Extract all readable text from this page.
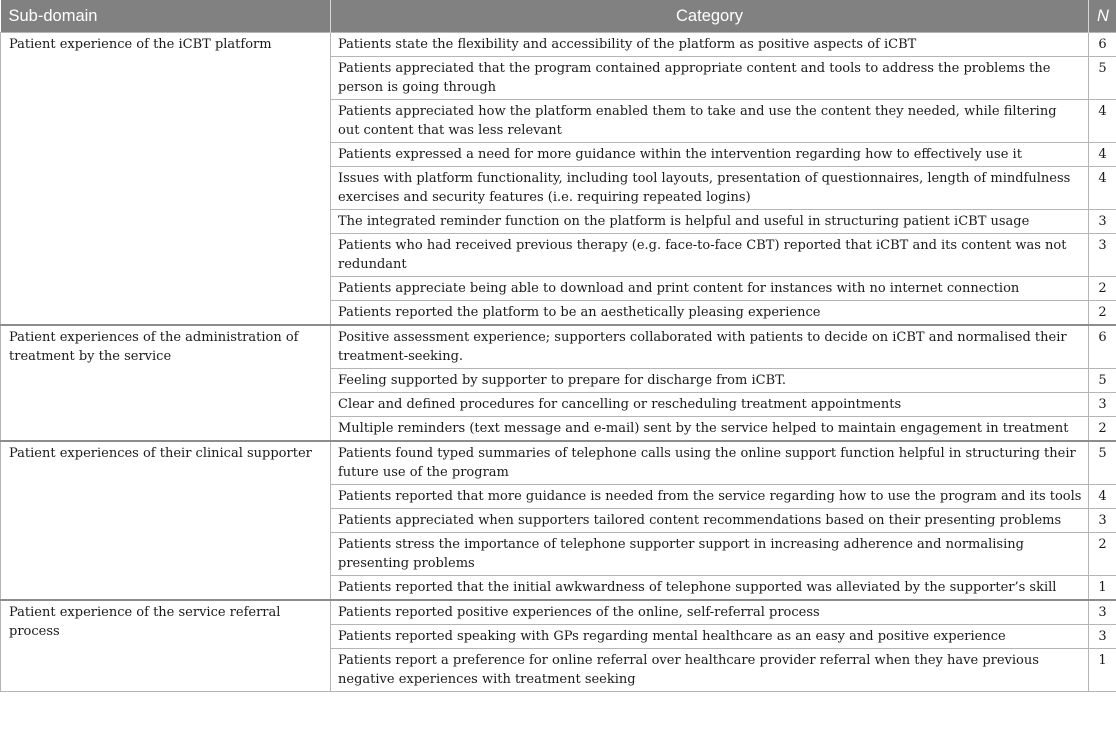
Sub-domain	Category	N
Patient experience of the iCBT platform	Patients state the flexibility and accessibility of the platform as positive aspects of iCBT	6
	Patients appreciated that the program contained appropriate content and tools to address the problems the person is going through	5
	Patients appreciated how the platform enabled them to take and use the content they needed, while filtering out content that was less relevant	4
	Patients expressed a need for more guidance within the intervention regarding how to effectively use it	4
	Issues with platform functionality, including tool layouts, presentation of questionnaires, length of mindfulness exercises and security features (i.e. requiring repeated logins)	4
	The integrated reminder function on the platform is helpful and useful in structuring patient iCBT usage	3
	Patients who had received previous therapy (e.g. face-to-face CBT) reported that iCBT and its content was not redundant	3
	Patients appreciate being able to download and print content for instances with no internet connection	2
	Patients reported the platform to be an aesthetically pleasing experience	2
Patient experiences of the administration of treatment by the service	Positive assessment experience; supporters collaborated with patients to decide on iCBT and normalised their treatment-seeking.	6
	Feeling supported by supporter to prepare for discharge from iCBT.	5
	Clear and defined procedures for cancelling or rescheduling treatment appointments	3
	Multiple reminders (text message and e-mail) sent by the service helped to maintain engagement in treatment	2
Patient experiences of their clinical supporter	Patients found typed summaries of telephone calls using the online support function helpful in structuring their future use of the program	5
	Patients reported that more guidance is needed from the service regarding how to use the program and its tools	4
	Patients appreciated when supporters tailored content recommendations based on their presenting problems	3
	Patients stress the importance of telephone supporter support in increasing adherence and normalising presenting problems	2
	Patients reported that the initial awkwardness of telephone supported was alleviated by the supporter’s skill	1
Patient experience of the service referral process	Patients reported positive experiences of the online, self-referral process	3
	Patients reported speaking with GPs regarding mental healthcare as an easy and positive experience	3
	Patients report a preference for online referral over healthcare provider referral when they have previous negative experiences with treatment seeking	1
